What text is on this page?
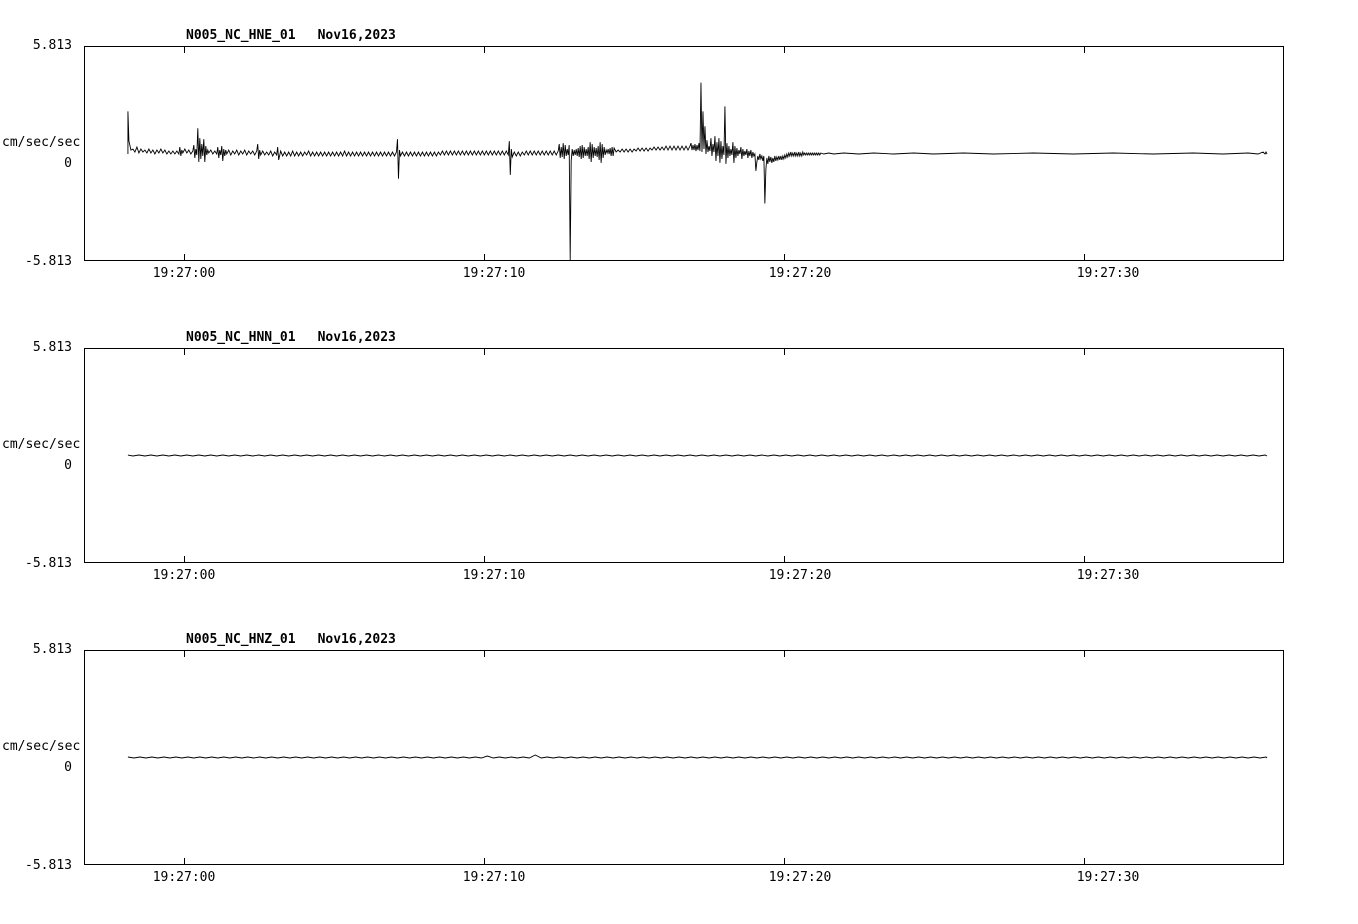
5.813
cm/sec/sec
0
-5.813
N005_NC_HNE_01 Nov16,2023
19:27:00	19:27:10	19:27:20	19:27:30
5.813
cm/sec/sec
0
-5.813
N005_NC_HNN_01 Nov16,2023
19:27:00	19:27:10	19:27:20	19:27:30
5.813
cm/sec/sec
0
-5.813
N005_NC_HNZ_01 Nov16,2023
19:27:00	19:27:10	19:27:20	19:27:30
